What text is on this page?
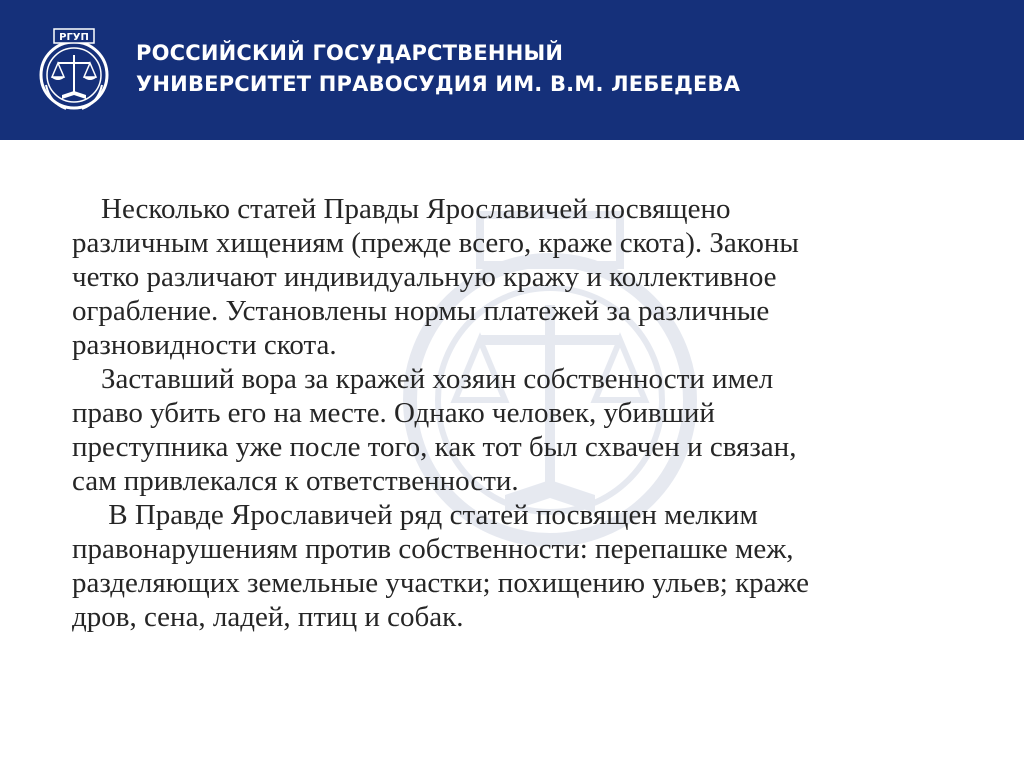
РГУП
РОССИЙСКИЙ ГОСУДАРСТВЕННЫЙ
УНИВЕРСИТЕТ ПРАВОСУДИЯ ИМ. В.М. ЛЕБЕДЕВА

Несколько статей Правды Ярославичей посвящено
различным хищениям (прежде всего, краже скота). Законы
четко различают индивидуальную кражу и коллективное
ограбление. Установлены нормы платежей за различные
разновидности скота.

Заставший вора за кражей хозяин собственности имел
право убить его на месте. Однако человек, убивший
преступника уже после того, как тот был схвачен и связан,
сам привлекался к ответственности.

В Правде Ярославичей ряд статей посвящен мелким
правонарушениям против собственности: перепашке меж,
разделяющих земельные участки; похищению ульев; краже
дров, сена, ладей, птиц и собак.
